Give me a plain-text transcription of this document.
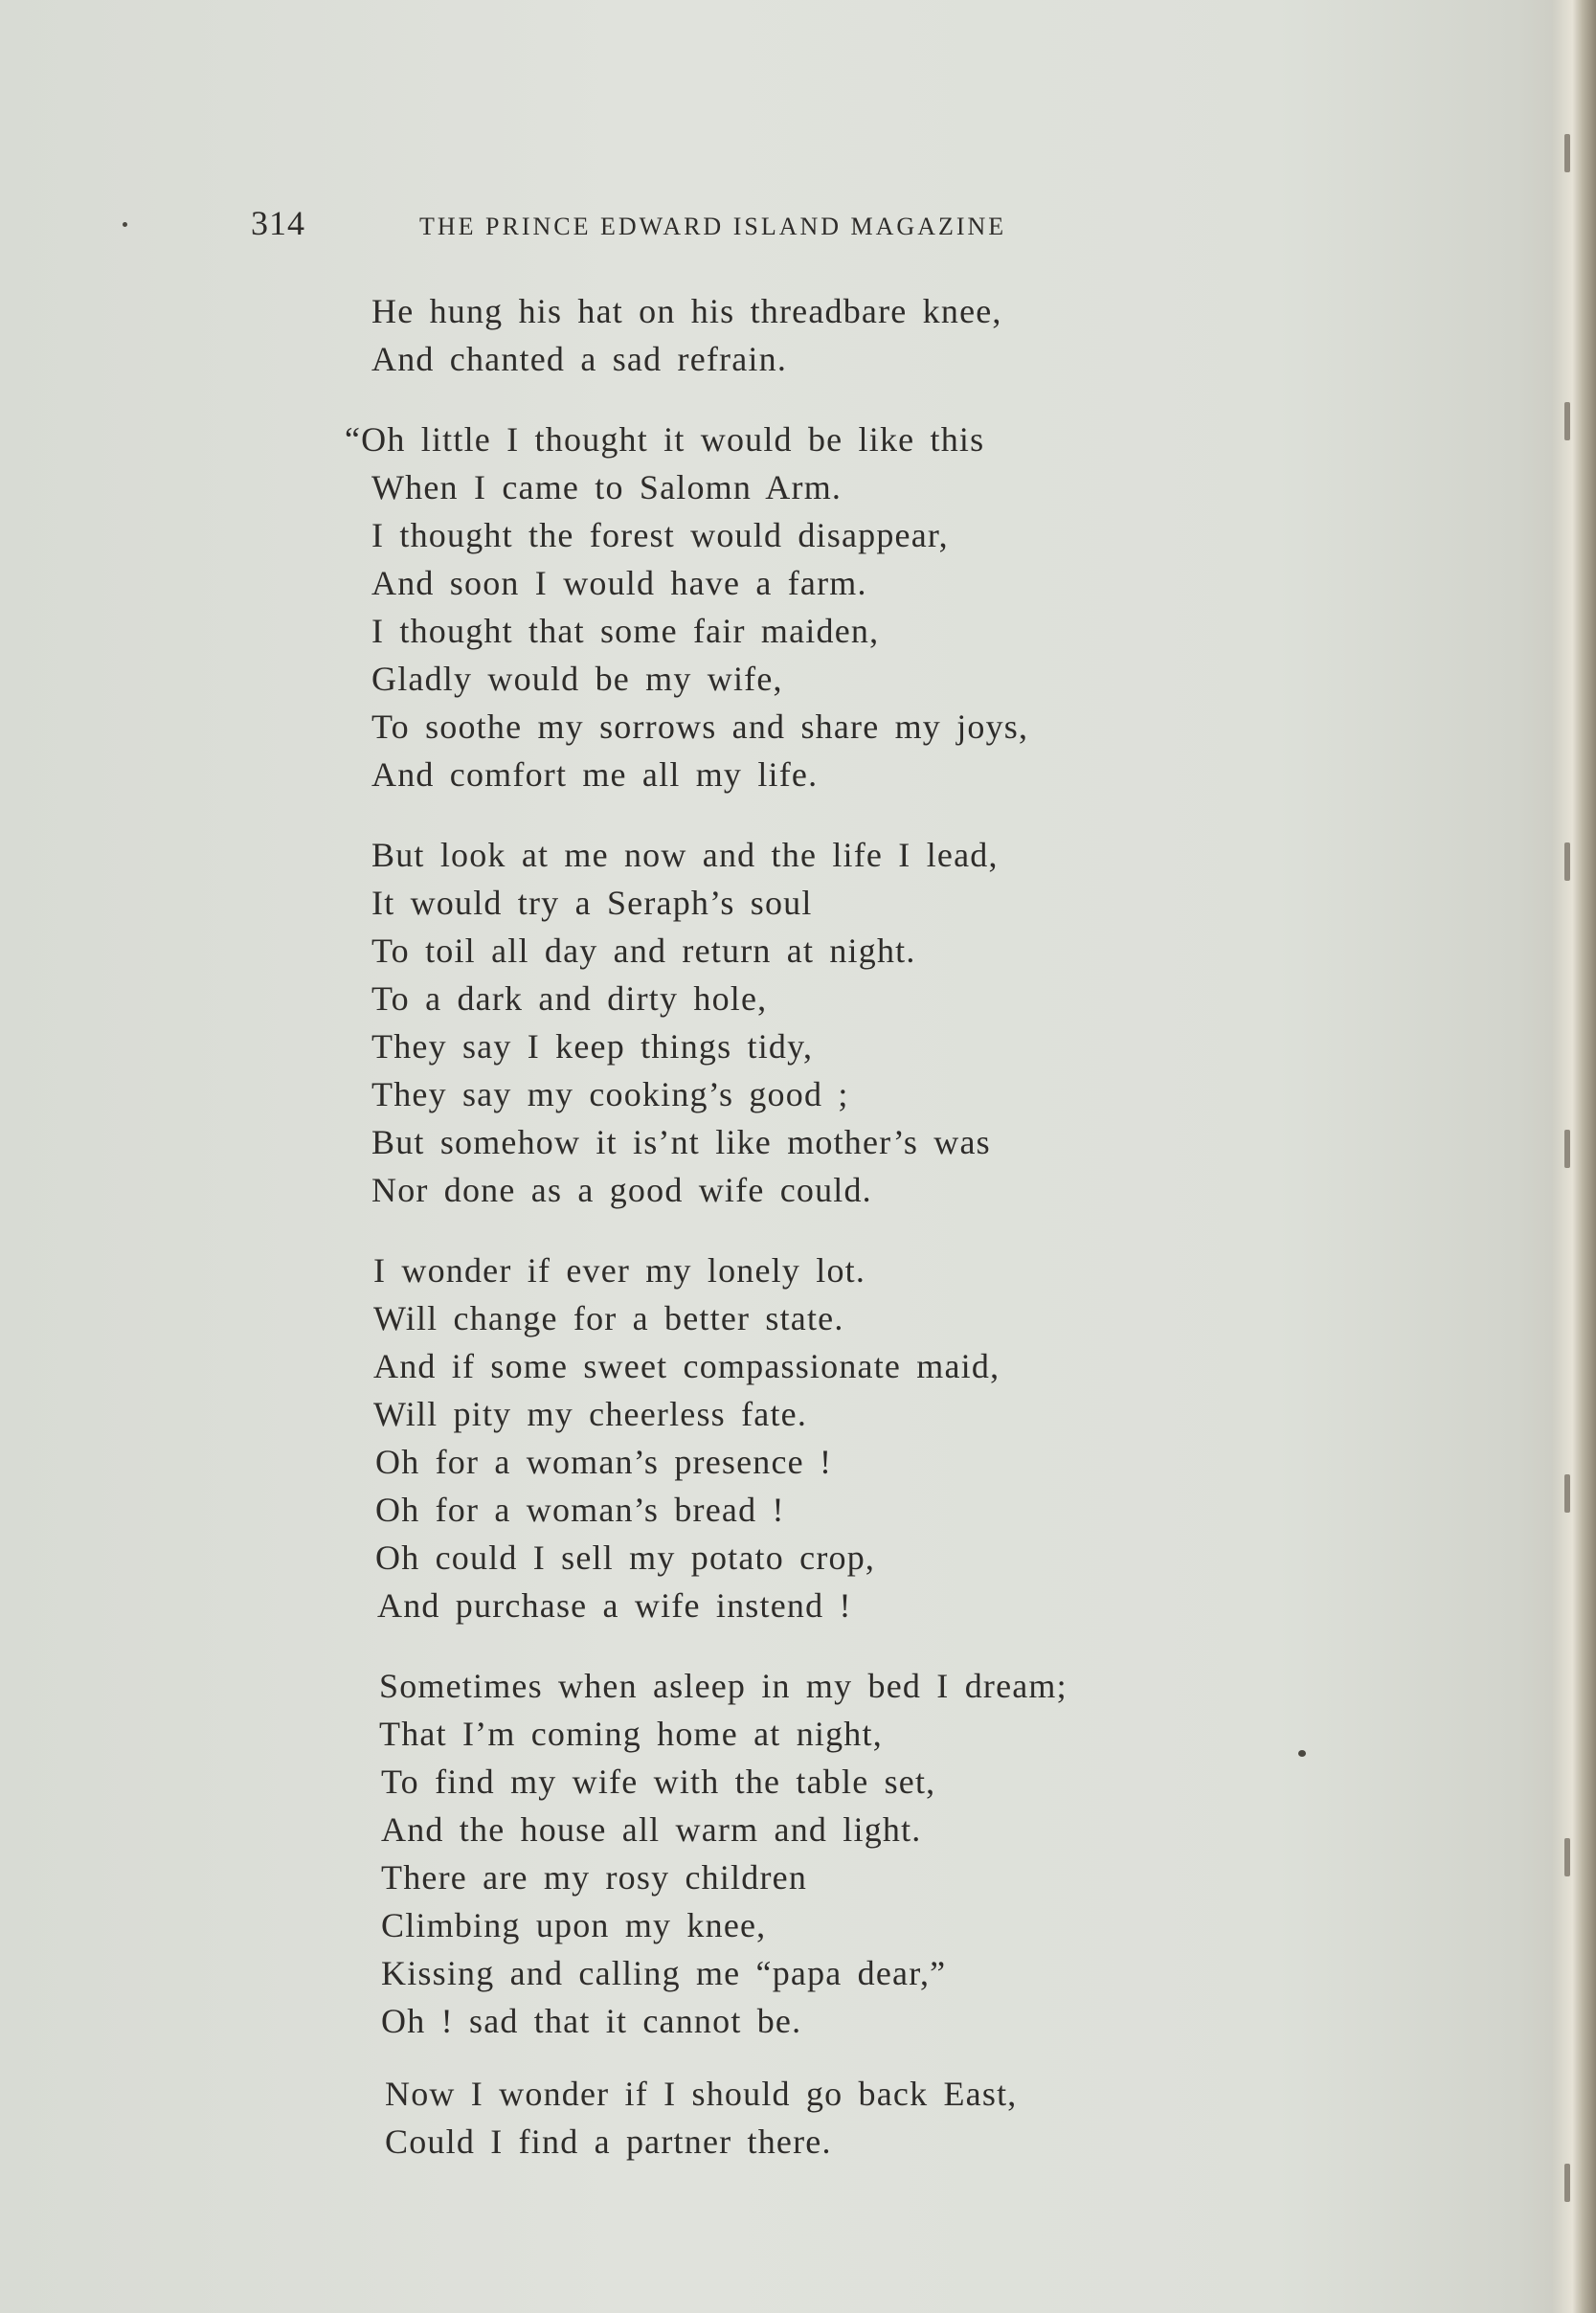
314	THE PRINCE EDWARD ISLAND MAGAZINE
He hung his hat on his threadbare knee,
And chanted a sad refrain.
“Oh little I thought it would be like this
When I came to Salomn Arm.
I thought the forest would disappear,
And soon I would have a farm.
I thought that some fair maiden,
Gladly would be my wife,
To soothe my sorrows and share my joys,
And comfort me all my life.
But look at me now and the life I lead,
It would try a Seraph’s soul
To toil all day and return at night.
To a dark and dirty hole,
They say I keep things tidy,
They say my cooking’s good ;
But somehow it is’nt like mother’s was
Nor done as a good wife could.
I wonder if ever my lonely lot.
Will change for a better state.
And if some sweet compassionate maid,
Will pity my cheerless fate.
Oh for a woman’s presence !
Oh for a woman’s bread !
Oh could I sell my potato crop,
And purchase a wife instend !
Sometimes when asleep in my bed I dream;
That I’m coming home at night,
To find my wife with the table set,
And the house all warm and light.
There are my rosy children
Climbing upon my knee,
Kissing and calling me “papa dear,”
Oh ! sad that it cannot be.
Now I wonder if I should go back East,
Could I find a partner there.
